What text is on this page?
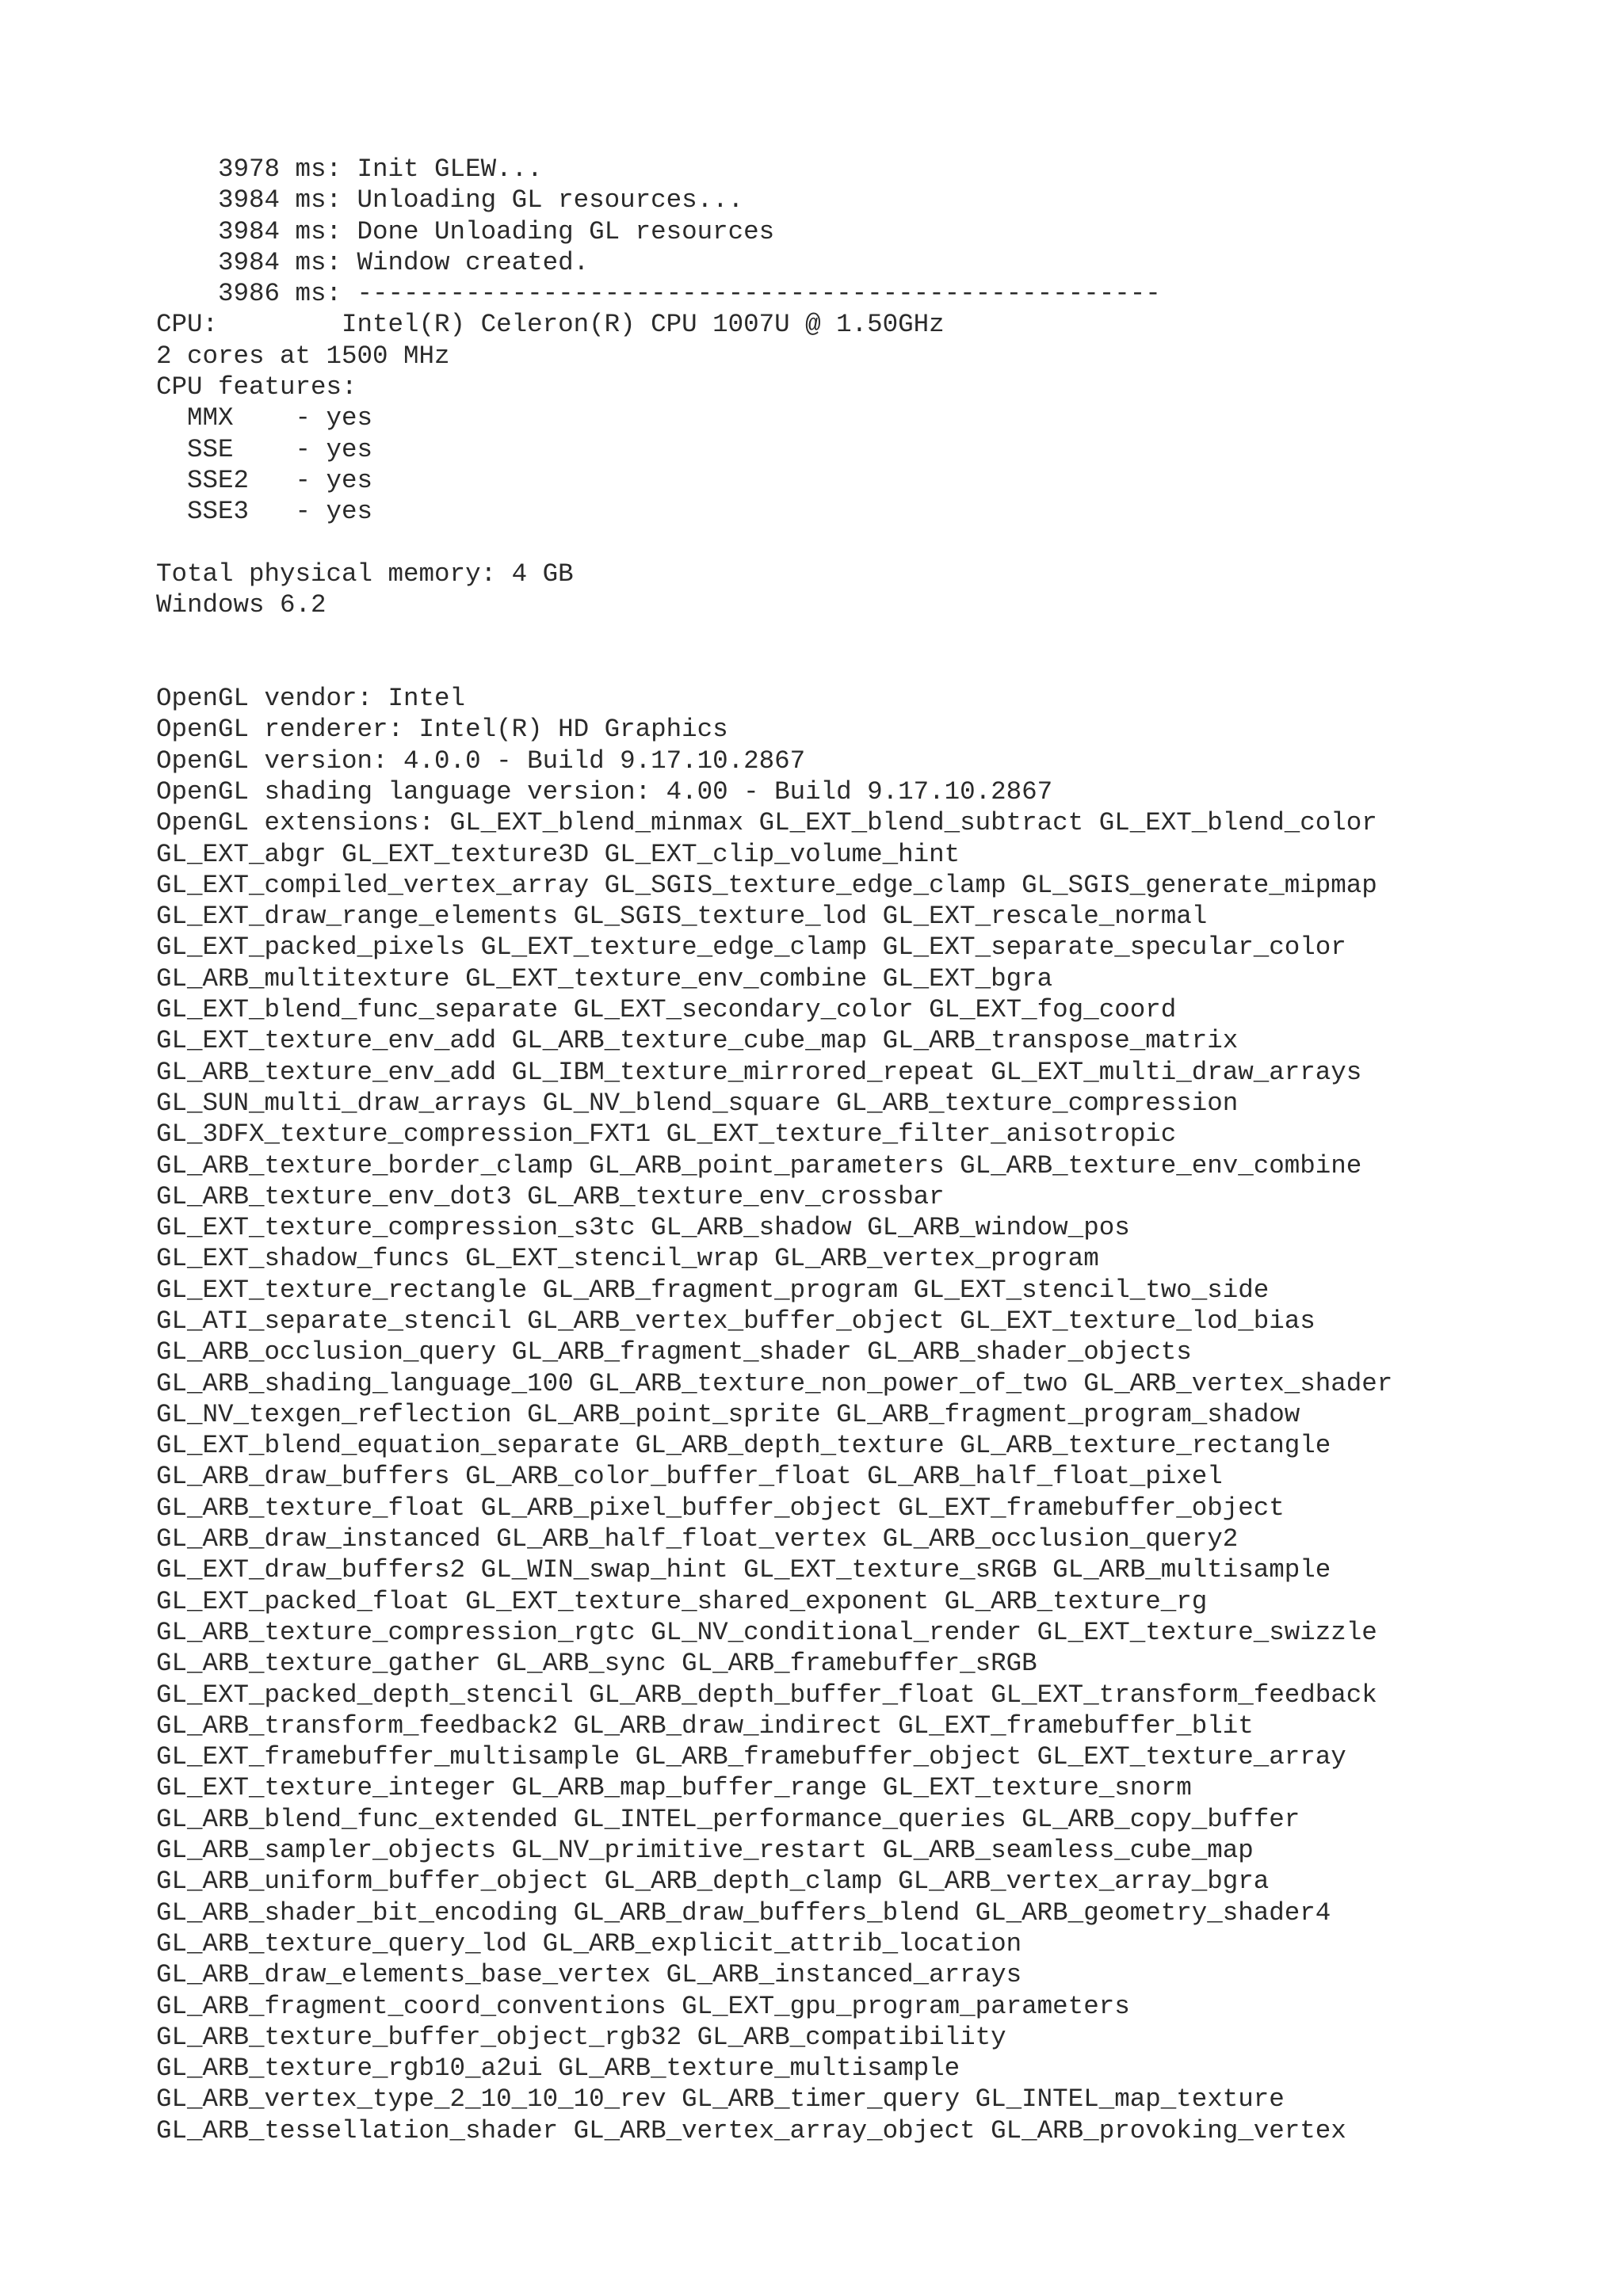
3978 ms: Init GLEW...
3984 ms: Unloading GL resources...
3984 ms: Done Unloading GL resources
3984 ms: Window created.
3986 ms: ----------------------------------------------------
CPU:        Intel(R) Celeron(R) CPU 1007U @ 1.50GHz
2 cores at 1500 MHz
CPU features:
MMX    - yes
SSE    - yes
SSE2   - yes
SSE3   - yes
Total physical memory: 4 GB
Windows 6.2
OpenGL vendor: Intel
OpenGL renderer: Intel(R) HD Graphics
OpenGL version: 4.0.0 - Build 9.17.10.2867
OpenGL shading language version: 4.00 - Build 9.17.10.2867
OpenGL extensions: GL_EXT_blend_minmax GL_EXT_blend_subtract GL_EXT_blend_color
GL_EXT_abgr GL_EXT_texture3D GL_EXT_clip_volume_hint
GL_EXT_compiled_vertex_array GL_SGIS_texture_edge_clamp GL_SGIS_generate_mipmap
GL_EXT_draw_range_elements GL_SGIS_texture_lod GL_EXT_rescale_normal
GL_EXT_packed_pixels GL_EXT_texture_edge_clamp GL_EXT_separate_specular_color
GL_ARB_multitexture GL_EXT_texture_env_combine GL_EXT_bgra
GL_EXT_blend_func_separate GL_EXT_secondary_color GL_EXT_fog_coord
GL_EXT_texture_env_add GL_ARB_texture_cube_map GL_ARB_transpose_matrix
GL_ARB_texture_env_add GL_IBM_texture_mirrored_repeat GL_EXT_multi_draw_arrays
GL_SUN_multi_draw_arrays GL_NV_blend_square GL_ARB_texture_compression
GL_3DFX_texture_compression_FXT1 GL_EXT_texture_filter_anisotropic
GL_ARB_texture_border_clamp GL_ARB_point_parameters GL_ARB_texture_env_combine
GL_ARB_texture_env_dot3 GL_ARB_texture_env_crossbar
GL_EXT_texture_compression_s3tc GL_ARB_shadow GL_ARB_window_pos
GL_EXT_shadow_funcs GL_EXT_stencil_wrap GL_ARB_vertex_program
GL_EXT_texture_rectangle GL_ARB_fragment_program GL_EXT_stencil_two_side
GL_ATI_separate_stencil GL_ARB_vertex_buffer_object GL_EXT_texture_lod_bias
GL_ARB_occlusion_query GL_ARB_fragment_shader GL_ARB_shader_objects
GL_ARB_shading_language_100 GL_ARB_texture_non_power_of_two GL_ARB_vertex_shader
GL_NV_texgen_reflection GL_ARB_point_sprite GL_ARB_fragment_program_shadow
GL_EXT_blend_equation_separate GL_ARB_depth_texture GL_ARB_texture_rectangle
GL_ARB_draw_buffers GL_ARB_color_buffer_float GL_ARB_half_float_pixel
GL_ARB_texture_float GL_ARB_pixel_buffer_object GL_EXT_framebuffer_object
GL_ARB_draw_instanced GL_ARB_half_float_vertex GL_ARB_occlusion_query2
GL_EXT_draw_buffers2 GL_WIN_swap_hint GL_EXT_texture_sRGB GL_ARB_multisample
GL_EXT_packed_float GL_EXT_texture_shared_exponent GL_ARB_texture_rg
GL_ARB_texture_compression_rgtc GL_NV_conditional_render GL_EXT_texture_swizzle
GL_ARB_texture_gather GL_ARB_sync GL_ARB_framebuffer_sRGB
GL_EXT_packed_depth_stencil GL_ARB_depth_buffer_float GL_EXT_transform_feedback
GL_ARB_transform_feedback2 GL_ARB_draw_indirect GL_EXT_framebuffer_blit
GL_EXT_framebuffer_multisample GL_ARB_framebuffer_object GL_EXT_texture_array
GL_EXT_texture_integer GL_ARB_map_buffer_range GL_EXT_texture_snorm
GL_ARB_blend_func_extended GL_INTEL_performance_queries GL_ARB_copy_buffer
GL_ARB_sampler_objects GL_NV_primitive_restart GL_ARB_seamless_cube_map
GL_ARB_uniform_buffer_object GL_ARB_depth_clamp GL_ARB_vertex_array_bgra
GL_ARB_shader_bit_encoding GL_ARB_draw_buffers_blend GL_ARB_geometry_shader4
GL_ARB_texture_query_lod GL_ARB_explicit_attrib_location
GL_ARB_draw_elements_base_vertex GL_ARB_instanced_arrays
GL_ARB_fragment_coord_conventions GL_EXT_gpu_program_parameters
GL_ARB_texture_buffer_object_rgb32 GL_ARB_compatibility
GL_ARB_texture_rgb10_a2ui GL_ARB_texture_multisample
GL_ARB_vertex_type_2_10_10_10_rev GL_ARB_timer_query GL_INTEL_map_texture
GL_ARB_tessellation_shader GL_ARB_vertex_array_object GL_ARB_provoking_vertex
